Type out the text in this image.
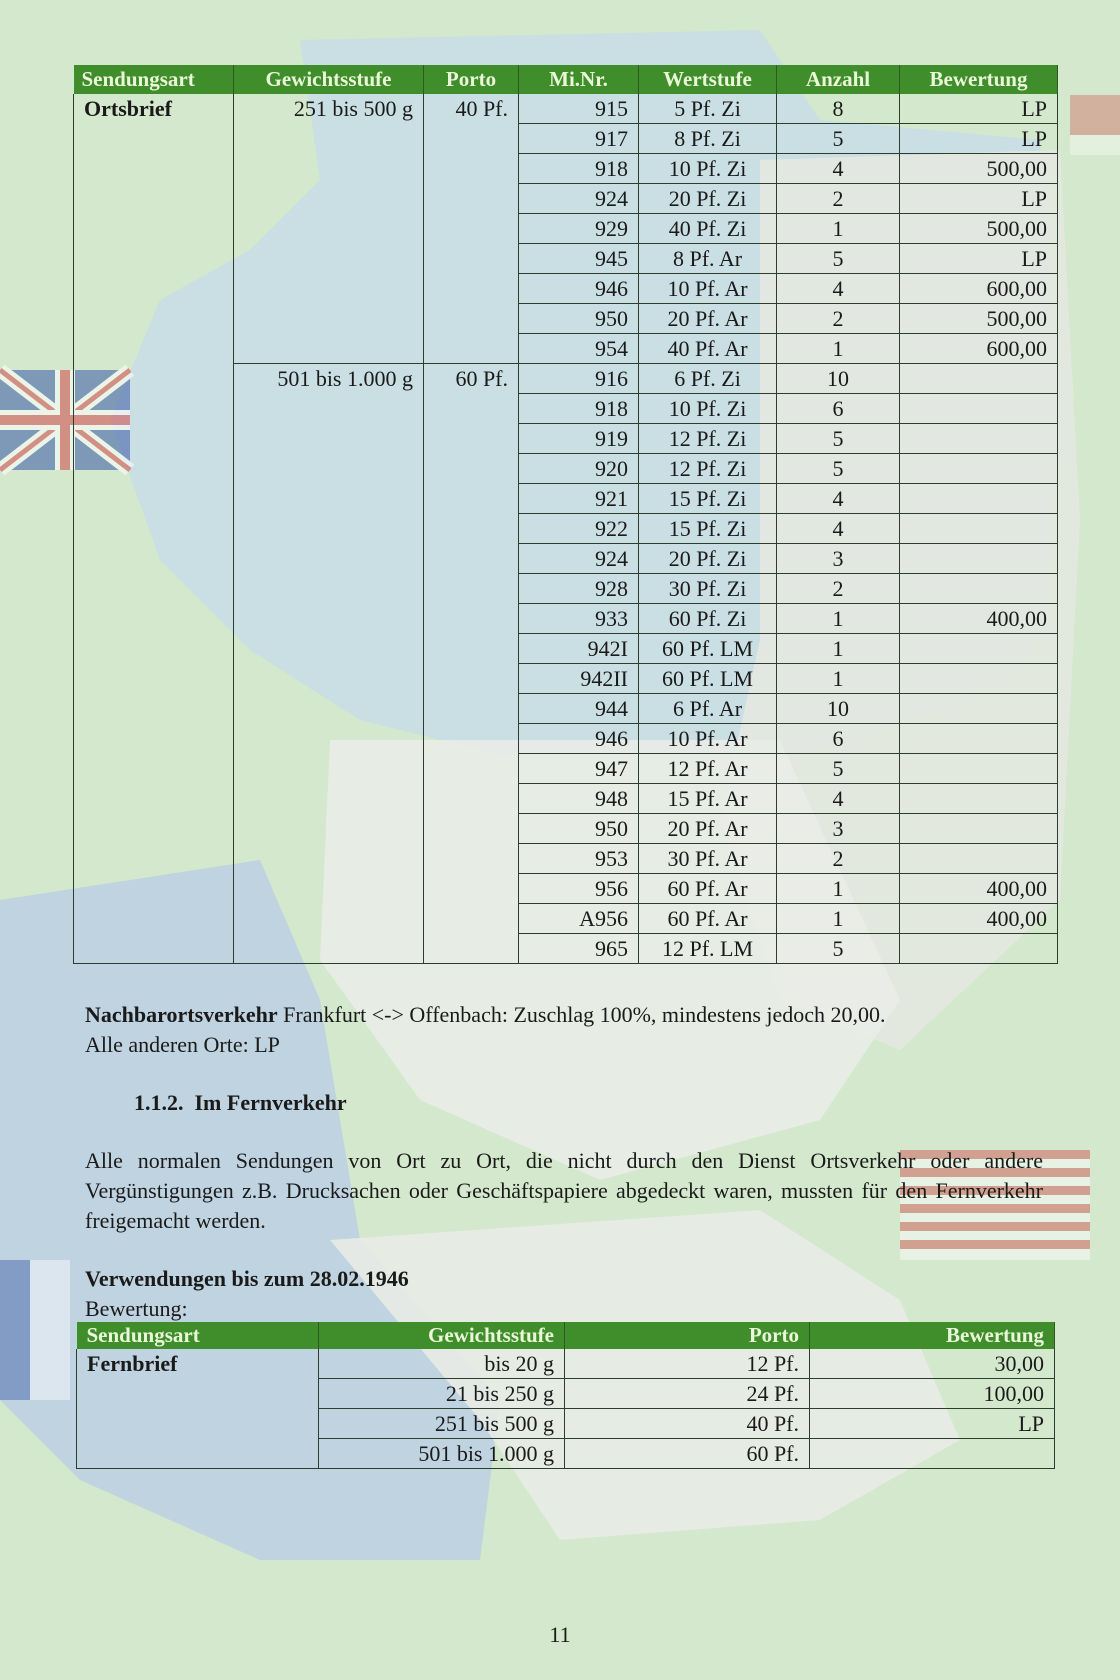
Sendungsart	Gewichtsstufe	Porto	Mi.Nr.	Wertstufe	Anzahl	Bewertung
Ortsbrief	251 bis 500 g	40 Pf.	915	5 Pf. Zi	8	LP
			917	8 Pf. Zi	5	LP
			918	10 Pf. Zi	4	500,00
			924	20 Pf. Zi	2	LP
			929	40 Pf. Zi	1	500,00
			945	8 Pf. Ar	5	LP
			946	10 Pf. Ar	4	600,00
			950	20 Pf. Ar	2	500,00
			954	40 Pf. Ar	1	600,00
	501 bis 1.000 g	60 Pf.	916	6 Pf. Zi	10	
			918	10 Pf. Zi	6	
			919	12 Pf. Zi	5	
			920	12 Pf. Zi	5	
			921	15 Pf. Zi	4	
			922	15 Pf. Zi	4	
			924	20 Pf. Zi	3	
			928	30 Pf. Zi	2	
			933	60 Pf. Zi	1	400,00
			942I	60 Pf. LM	1	
			942II	60 Pf. LM	1	
			944	6 Pf. Ar	10	
			946	10 Pf. Ar	6	
			947	12 Pf. Ar	5	
			948	15 Pf. Ar	4	
			950	20 Pf. Ar	3	
			953	30 Pf. Ar	2	
			956	60 Pf. Ar	1	400,00
			A956	60 Pf. Ar	1	400,00
			965	12 Pf. LM	5	

Nachbarortsverkehr Frankfurt <-> Offenbach: Zuschlag 100%, mindestens jedoch 20,00.
Alle anderen Orte: LP

1.1.2.  Im Fernverkehr

Alle normalen Sendungen von Ort zu Ort, die nicht durch den Dienst Ortsverkehr oder andere Vergünstigungen z.B. Drucksachen oder Geschäftspapiere abgedeckt waren, mussten für den Fernverkehr freigemacht werden.

Verwendungen bis zum 28.02.1946

Bewertung:

Sendungsart	Gewichtsstufe	Porto	Bewertung
Fernbrief	bis 20 g	12 Pf.	30,00
	21 bis 250 g	24 Pf.	100,00
	251 bis 500 g	40 Pf.	LP
	501 bis 1.000 g	60 Pf.	
11
